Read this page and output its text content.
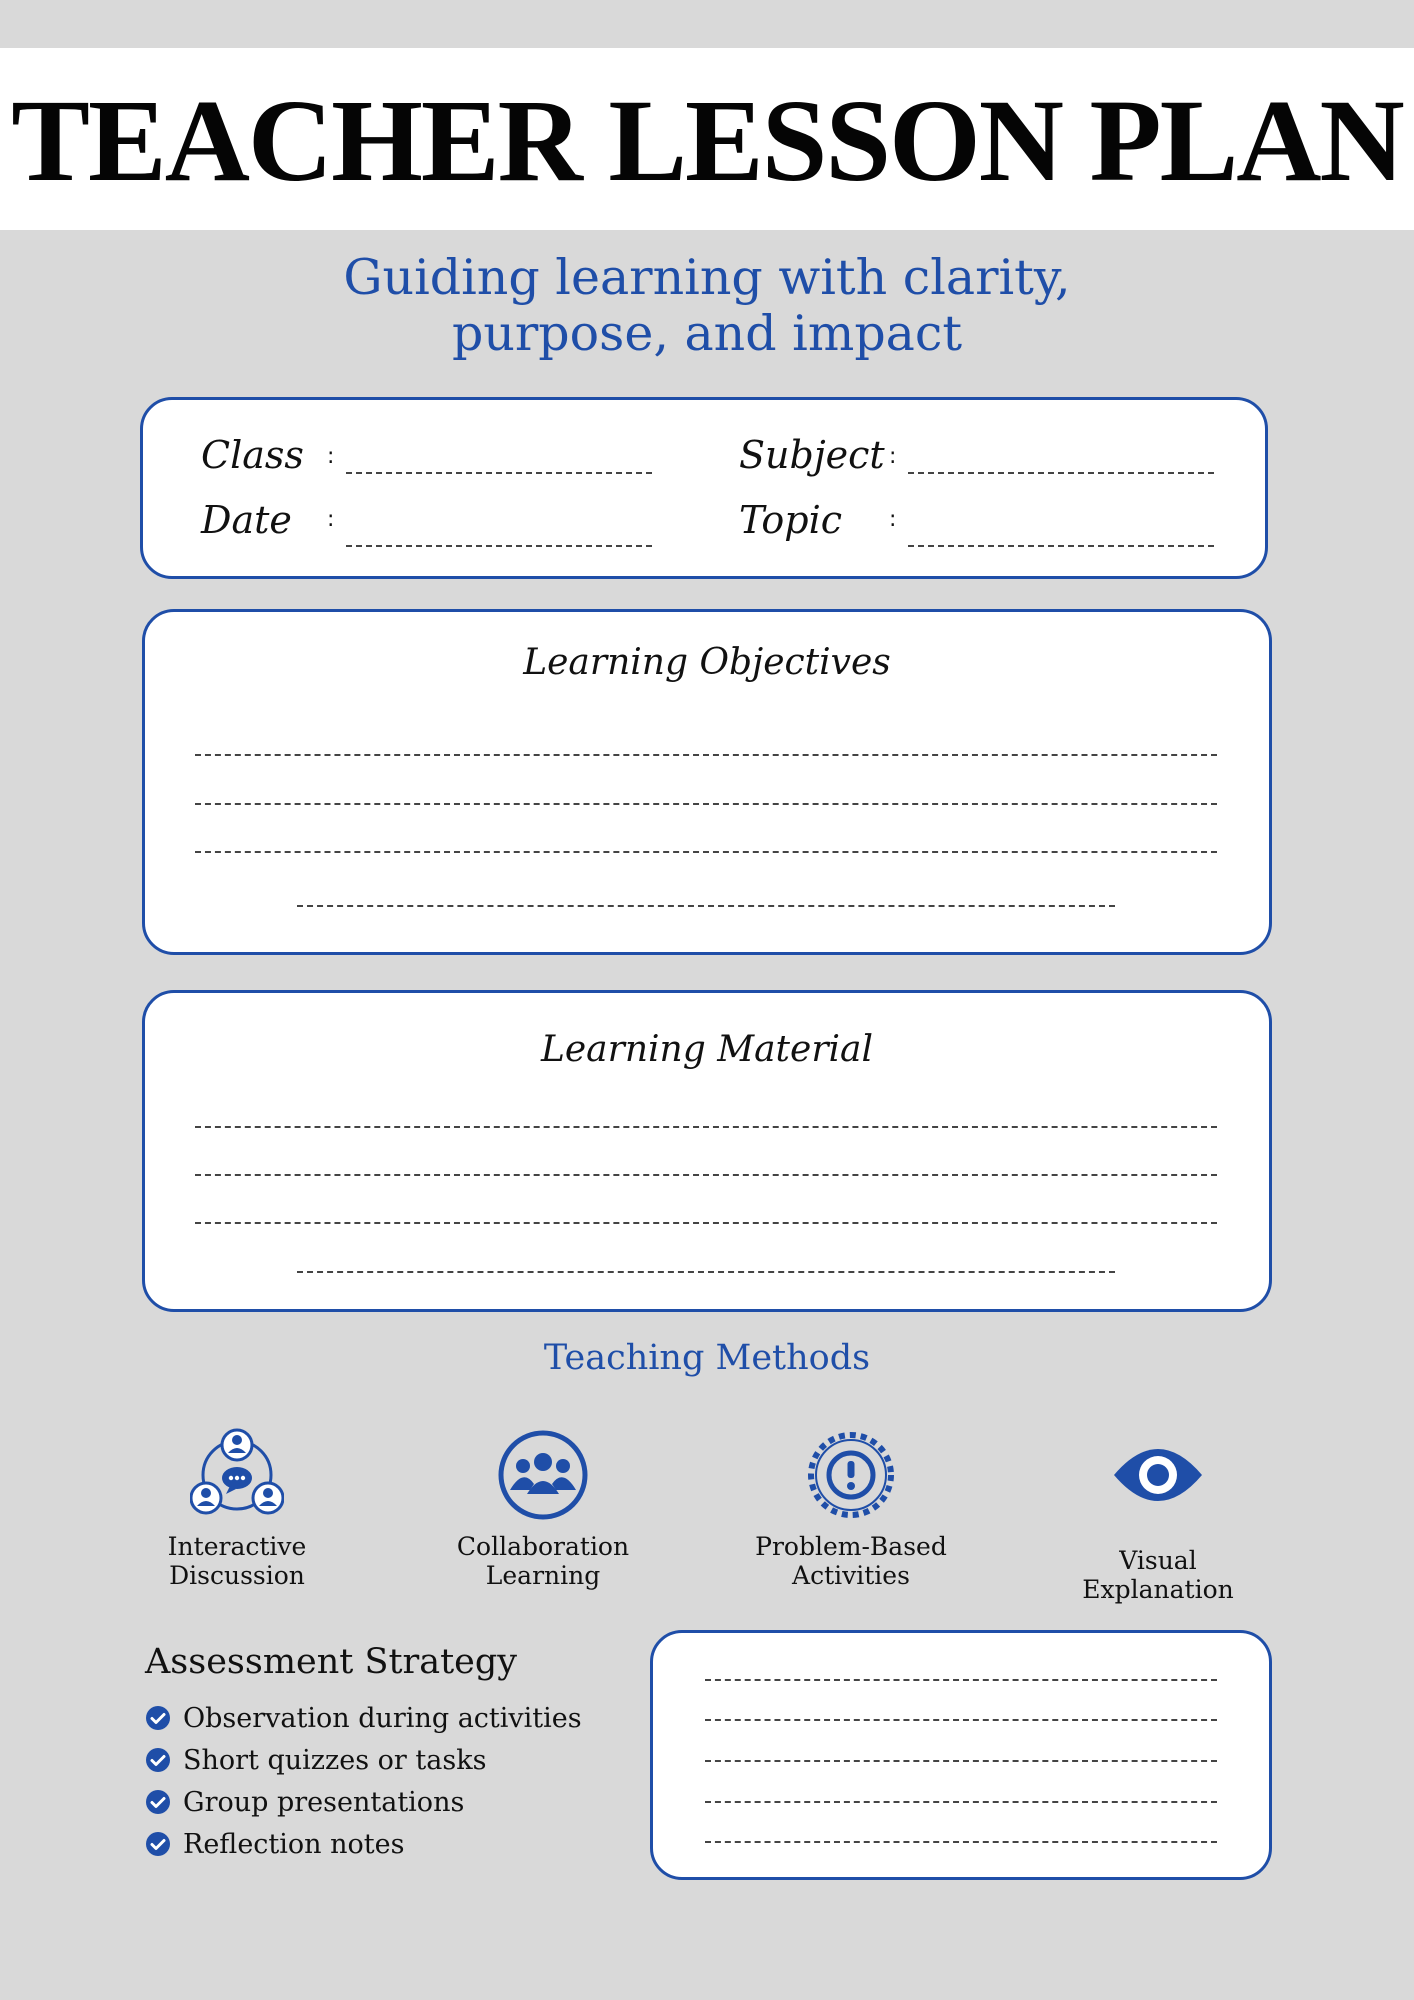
TEACHER LESSON PLAN
Guiding learning with clarity,
purpose, and impact
Class :	Subject :
Date :	Topic :
Learning Objectives
Learning Material
Teaching Methods
Interactive
Discussion
Collaboration
Learning
Problem-Based
Activities
Visual
Explanation
Assessment Strategy
Observation during activities
Short quizzes or tasks
Group presentations
Reflection notes
